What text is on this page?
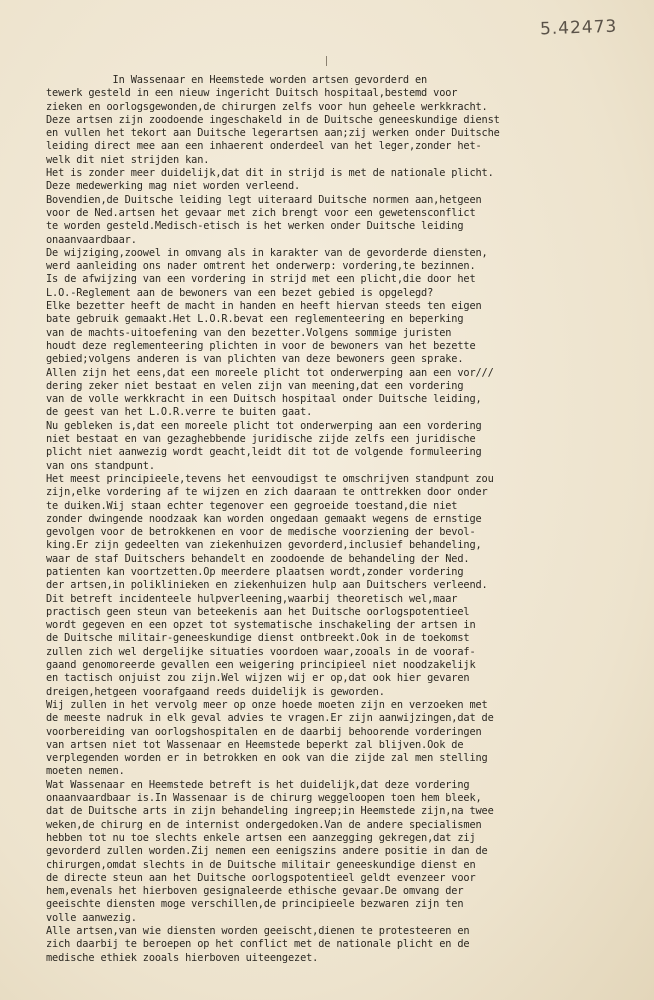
5.42473
In Wassenaar en Heemstede worden artsen gevorderd en
tewerk gesteld in een nieuw ingericht Duitsch hospitaal,bestemd voor
zieken en oorlogsgewonden,de chirurgen zelfs voor hun geheele werkkracht.
Deze artsen zijn zoodoende ingeschakeld in de Duitsche geneeskundige dienst
en vullen het tekort aan Duitsche legerartsen aan;zij werken onder Duitsche
leiding direct mee aan een inhaerent onderdeel van het leger,zonder het-
welk dit niet strijden kan.
Het is zonder meer duidelijk,dat dit in strijd is met de nationale plicht.
Deze medewerking mag niet worden verleend.
Bovendien,de Duitsche leiding legt uiteraard Duitsche normen aan,hetgeen
voor de Ned.artsen het gevaar met zich brengt voor een gewetensconflict
te worden gesteld.Medisch-etisch is het werken onder Duitsche leiding
onaanvaardbaar.
De wijziging,zoowel in omvang als in karakter van de gevorderde diensten,
werd aanleiding ons nader omtrent het onderwerp: vordering,te bezinnen.
Is de afwijzing van een vordering in strijd met een plicht,die door het
L.O.-Reglement aan de bewoners van een bezet gebied is opgelegd?
Elke bezetter heeft de macht in handen en heeft hiervan steeds ten eigen
bate gebruik gemaakt.Het L.O.R.bevat een reglementeering en beperking
van de machts-uitoefening van den bezetter.Volgens sommige juristen
houdt deze reglementeering plichten in voor de bewoners van het bezette
gebied;volgens anderen is van plichten van deze bewoners geen sprake.
Allen zijn het eens,dat een moreele plicht tot onderwerping aan een vor///
dering zeker niet bestaat en velen zijn van meening,dat een vordering
van de volle werkkracht in een Duitsch hospitaal onder Duitsche leiding,
de geest van het L.O.R.verre te buiten gaat.
Nu gebleken is,dat een moreele plicht tot onderwerping aan een vordering
niet bestaat en van gezaghebbende juridische zijde zelfs een juridische
plicht niet aanwezig wordt geacht,leidt dit tot de volgende formuleering
van ons standpunt.
Het meest principieele,tevens het eenvoudigst te omschrijven standpunt zou
zijn,elke vordering af te wijzen en zich daaraan te onttrekken door onder
te duiken.Wij staan echter tegenover een gegroeide toestand,die niet
zonder dwingende noodzaak kan worden ongedaan gemaakt wegens de ernstige
gevolgen voor de betrokkenen en voor de medische voorziening der bevol-
king.Er zijn gedeelten van ziekenhuizen gevorderd,inclusief behandeling,
waar de staf Duitschers behandelt en zoodoende de behandeling der Ned.
patienten kan voortzetten.Op meerdere plaatsen wordt,zonder vordering
der artsen,in poliklinieken en ziekenhuizen hulp aan Duitschers verleend.
Dit betreft incidenteele hulpverleening,waarbij theoretisch wel,maar
practisch geen steun van beteekenis aan het Duitsche oorlogspotentieel
wordt gegeven en een opzet tot systematische inschakeling der artsen in
de Duitsche militair-geneeskundige dienst ontbreekt.Ook in de toekomst
zullen zich wel dergelijke situaties voordoen waar,zooals in de vooraf-
gaand genomoreerde gevallen een weigering principieel niet noodzakelijk
en tactisch onjuist zou zijn.Wel wijzen wij er op,dat ook hier gevaren
dreigen,hetgeen voorafgaand reeds duidelijk is geworden.
Wij zullen in het vervolg meer op onze hoede moeten zijn en verzoeken met
de meeste nadruk in elk geval advies te vragen.Er zijn aanwijzingen,dat de
voorbereiding van oorlogshospitalen en de daarbij behoorende vorderingen
van artsen niet tot Wassenaar en Heemstede beperkt zal blijven.Ook de
verplegenden worden er in betrokken en ook van die zijde zal men stelling
moeten nemen.
Wat Wassenaar en Heemstede betreft is het duidelijk,dat deze vordering
onaanvaardbaar is.In Wassenaar is de chirurg weggeloopen toen hem bleek,
dat de Duitsche arts in zijn behandeling ingreep;in Heemstede zijn,na twee
weken,de chirurg en de internist ondergedoken.Van de andere specialismen
hebben tot nu toe slechts enkele artsen een aanzegging gekregen,dat zij
gevorderd zullen worden.Zij nemen een eenigszins andere positie in dan de
chirurgen,omdat slechts in de Duitsche militair geneeskundige dienst en
de directe steun aan het Duitsche oorlogspotentieel geldt evenzeer voor
hem,evenals het hierboven gesignaleerde ethische gevaar.De omvang der
geeischte diensten moge verschillen,de principieele bezwaren zijn ten
volle aanwezig.
Alle artsen,van wie diensten worden geeischt,dienen te protesteeren en
zich daarbij te beroepen op het conflict met de nationale plicht en de
medische ethiek zooals hierboven uiteengezet.
